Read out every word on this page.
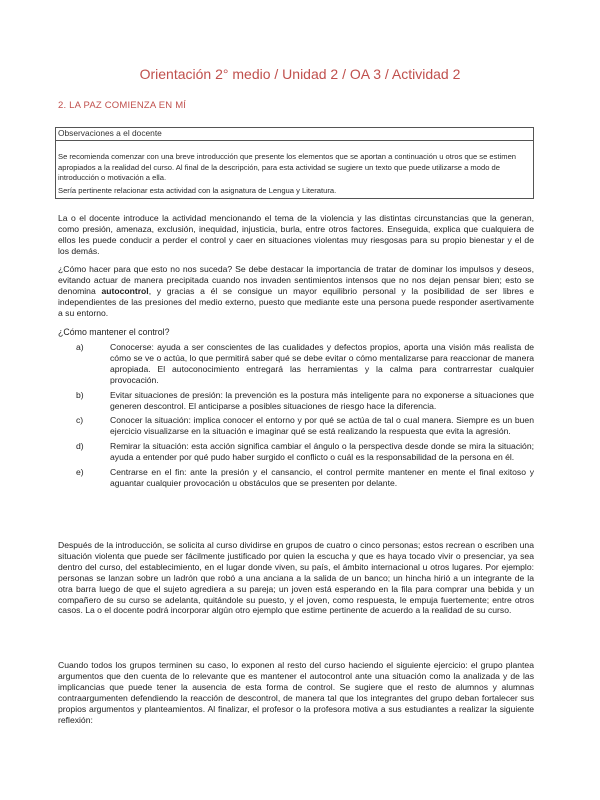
Orientación 2° medio / Unidad 2 / OA 3 / Actividad 2
2. LA PAZ COMIENZA EN MÍ
Observaciones a el docente
Se recomienda comenzar con una breve introducción que presente los elementos que se aportan a continuación u otros que se estimen apropiados a la realidad del curso. Al final de la descripción, para esta actividad se sugiere un texto que puede utilizarse a modo de introducción o motivación a ella.
Sería pertinente relacionar esta actividad con la asignatura de Lengua y Literatura.

La o el docente introduce la actividad mencionando el tema de la violencia y las distintas circunstancias que la generan, como presión, amenaza, exclusión, inequidad, injusticia, burla, entre otros factores. Enseguida, explica que cualquiera de ellos les puede conducir a perder el control y caer en situaciones violentas muy riesgosas para su propio bienestar y el de los demás.

¿Cómo hacer para que esto no nos suceda? Se debe destacar la importancia de tratar de dominar los impulsos y deseos, evitando actuar de manera precipitada cuando nos invaden sentimientos intensos que no nos dejan pensar bien; esto se denomina autocontrol, y gracias a él se consigue un mayor equilibrio personal y la posibilidad de ser libres e independientes de las presiones del medio externo, puesto que mediante este una persona puede responder asertivamente a su entorno.

¿Cómo mantener el control?
a)	Conocerse: ayuda a ser conscientes de las cualidades y defectos propios, aporta una visión más realista de cómo se ve o actúa, lo que permitirá saber qué se debe evitar o cómo mentalizarse para reaccionar de manera apropiada. El autoconocimiento entregará las herramientas y la calma para contrarrestar cualquier provocación.
b)	Evitar situaciones de presión: la prevención es la postura más inteligente para no exponerse a situaciones que generen descontrol. El anticiparse a posibles situaciones de riesgo hace la diferencia.
c)	Conocer la situación: implica conocer el entorno y por qué se actúa de tal o cual manera. Siempre es un buen ejercicio visualizarse en la situación e imaginar qué se está realizando la respuesta que evita la agresión.
d)	Remirar la situación: esta acción significa cambiar el ángulo o la perspectiva desde donde se mira la situación; ayuda a entender por qué pudo haber surgido el conflicto o cuál es la responsabilidad de la persona en él.
e)	Centrarse en el fin: ante la presión y el cansancio, el control permite mantener en mente el final exitoso y aguantar cualquier provocación u obstáculos que se presenten por delante.

Después de la introducción, se solicita al curso dividirse en grupos de cuatro o cinco personas; estos recrean o escriben una situación violenta que puede ser fácilmente justificado por quien la escucha y que es haya tocado vivir o presenciar, ya sea dentro del curso, del establecimiento, en el lugar donde viven, su país, el ámbito internacional u otros lugares. Por ejemplo: personas se lanzan sobre un ladrón que robó a una anciana a la salida de un banco; un hincha hirió a un integrante de la otra barra luego de que el sujeto agrediera a su pareja; un joven está esperando en la fila para comprar una bebida y un compañero de su curso se adelanta, quitándole su puesto, y el joven, como respuesta, le empuja fuertemente; entre otros casos. La o el docente podrá incorporar algún otro ejemplo que estime pertinente de acuerdo a la realidad de su curso.

Cuando todos los grupos terminen su caso, lo exponen al resto del curso haciendo el siguiente ejercicio: el grupo plantea argumentos que den cuenta de lo relevante que es mantener el autocontrol ante una situación como la analizada y de las implicancias que puede tener la ausencia de esta forma de control. Se sugiere que el resto de alumnos y alumnas contraargumenten defendiendo la reacción de descontrol, de manera tal que los integrantes del grupo deban fortalecer sus propios argumentos y planteamientos. Al finalizar, el profesor o la profesora motiva a sus estudiantes a realizar la siguiente reflexión:
